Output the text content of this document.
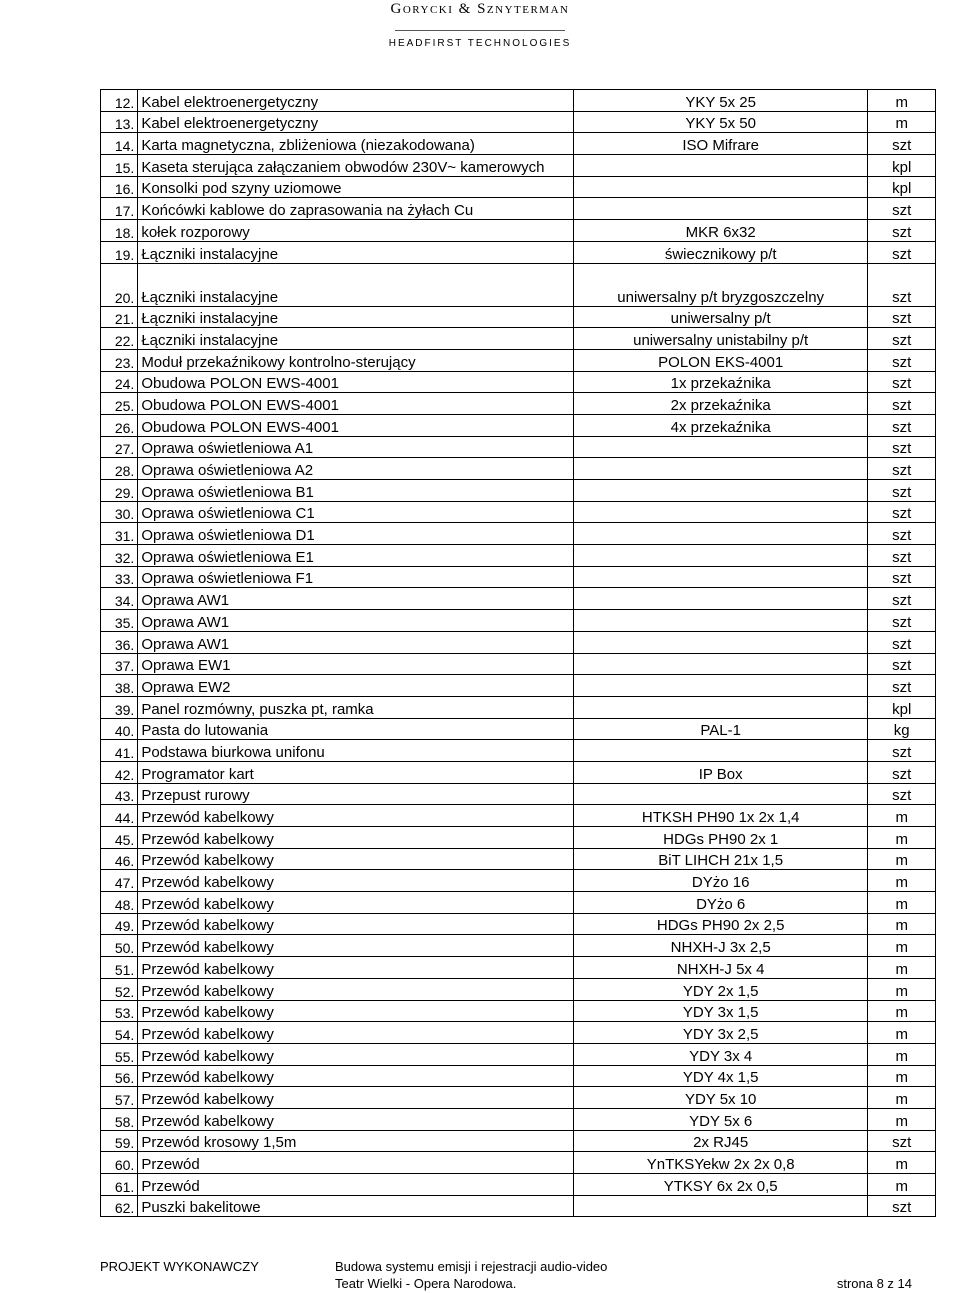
Gorycki & Sznyterman
HEADFIRST TECHNOLOGIES
12.	Kabel elektroenergetyczny	YKY 5x 25	m
13.	Kabel elektroenergetyczny	YKY 5x 50	m
14.	Karta magnetyczna, zbliżeniowa (niezakodowana)	ISO Mifrare	szt
15.	Kaseta sterująca załączaniem obwodów 230V~ kamerowych		kpl
16.	Konsolki pod szyny uziomowe		kpl
17.	Końcówki kablowe do zaprasowania na żyłach Cu		szt
18.	kołek rozporowy	MKR 6x32	szt
19.	Łączniki instalacyjne	świecznikowy p/t	szt
20.	Łączniki instalacyjne	uniwersalny p/t bryzgoszczelny	szt
21.	Łączniki instalacyjne	uniwersalny p/t	szt
22.	Łączniki instalacyjne	uniwersalny unistabilny p/t	szt
23.	Moduł przekaźnikowy kontrolno-sterujący	POLON EKS-4001	szt
24.	Obudowa POLON EWS-4001	1x przekaźnika	szt
25.	Obudowa POLON EWS-4001	2x przekaźnika	szt
26.	Obudowa POLON EWS-4001	4x przekaźnika	szt
27.	Oprawa oświetleniowa A1		szt
28.	Oprawa oświetleniowa A2		szt
29.	Oprawa oświetleniowa B1		szt
30.	Oprawa oświetleniowa C1		szt
31.	Oprawa oświetleniowa D1		szt
32.	Oprawa oświetleniowa E1		szt
33.	Oprawa oświetleniowa F1		szt
34.	Oprawa AW1		szt
35.	Oprawa AW1		szt
36.	Oprawa AW1		szt
37.	Oprawa EW1		szt
38.	Oprawa EW2		szt
39.	Panel rozmówny, puszka pt, ramka		kpl
40.	Pasta do lutowania	PAL-1	kg
41.	Podstawa biurkowa unifonu		szt
42.	Programator kart	IP Box	szt
43.	Przepust rurowy		szt
44.	Przewód kabelkowy	HTKSH PH90 1x 2x 1,4	m
45.	Przewód kabelkowy	HDGs PH90 2x 1	m
46.	Przewód kabelkowy	BiT LIHCH 21x 1,5	m
47.	Przewód kabelkowy	DYżo 16	m
48.	Przewód kabelkowy	DYżo 6	m
49.	Przewód kabelkowy	HDGs PH90 2x 2,5	m
50.	Przewód kabelkowy	NHXH-J 3x 2,5	m
51.	Przewód kabelkowy	NHXH-J 5x 4	m
52.	Przewód kabelkowy	YDY 2x 1,5	m
53.	Przewód kabelkowy	YDY 3x 1,5	m
54.	Przewód kabelkowy	YDY 3x 2,5	m
55.	Przewód kabelkowy	YDY 3x 4	m
56.	Przewód kabelkowy	YDY 4x 1,5	m
57.	Przewód kabelkowy	YDY 5x 10	m
58.	Przewód kabelkowy	YDY 5x 6	m
59.	Przewód krosowy 1,5m	2x RJ45	szt
60.	Przewód	YnTKSYekw 2x 2x 0,8	m
61.	Przewód	YTKSY 6x 2x 0,5	m
62.	Puszki bakelitowe		szt
PROJEKT WYKONAWCZY	Budowa systemu emisji i rejestracji audio-video
Teatr Wielki - Opera Narodowa.	strona 8 z 14
